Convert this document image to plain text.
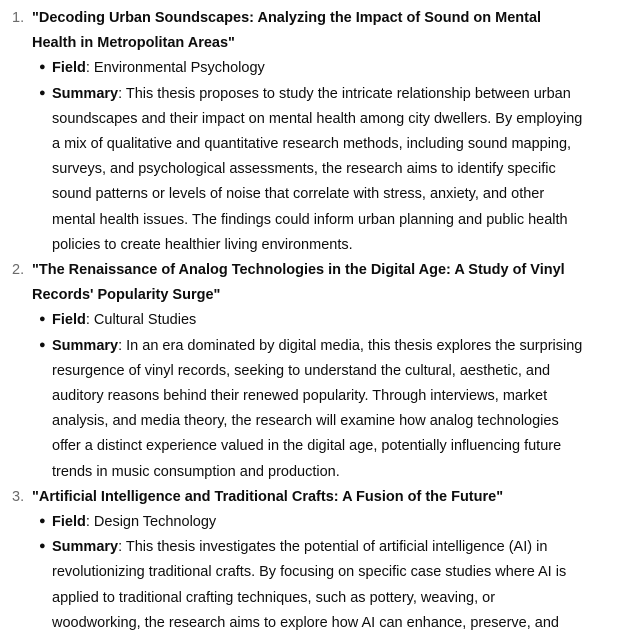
1. "Decoding Urban Soundscapes: Analyzing the Impact of Sound on Mental Health in Metropolitan Areas"
● Field: Environmental Psychology
● Summary: This thesis proposes to study the intricate relationship between urban soundscapes and their impact on mental health among city dwellers. By employing a mix of qualitative and quantitative research methods, including sound mapping, surveys, and psychological assessments, the research aims to identify specific sound patterns or levels of noise that correlate with stress, anxiety, and other mental health issues. The findings could inform urban planning and public health policies to create healthier living environments.
2. "The Renaissance of Analog Technologies in the Digital Age: A Study of Vinyl Records' Popularity Surge"
● Field: Cultural Studies
● Summary: In an era dominated by digital media, this thesis explores the surprising resurgence of vinyl records, seeking to understand the cultural, aesthetic, and auditory reasons behind their renewed popularity. Through interviews, market analysis, and media theory, the research will examine how analog technologies offer a distinct experience valued in the digital age, potentially influencing future trends in music consumption and production.
3. "Artificial Intelligence and Traditional Crafts: A Fusion of the Future"
● Field: Design Technology
● Summary: This thesis investigates the potential of artificial intelligence (AI) in revolutionizing traditional crafts. By focusing on specific case studies where AI is applied to traditional crafting techniques, such as pottery, weaving, or woodworking, the research aims to explore how AI can enhance, preserve, and
